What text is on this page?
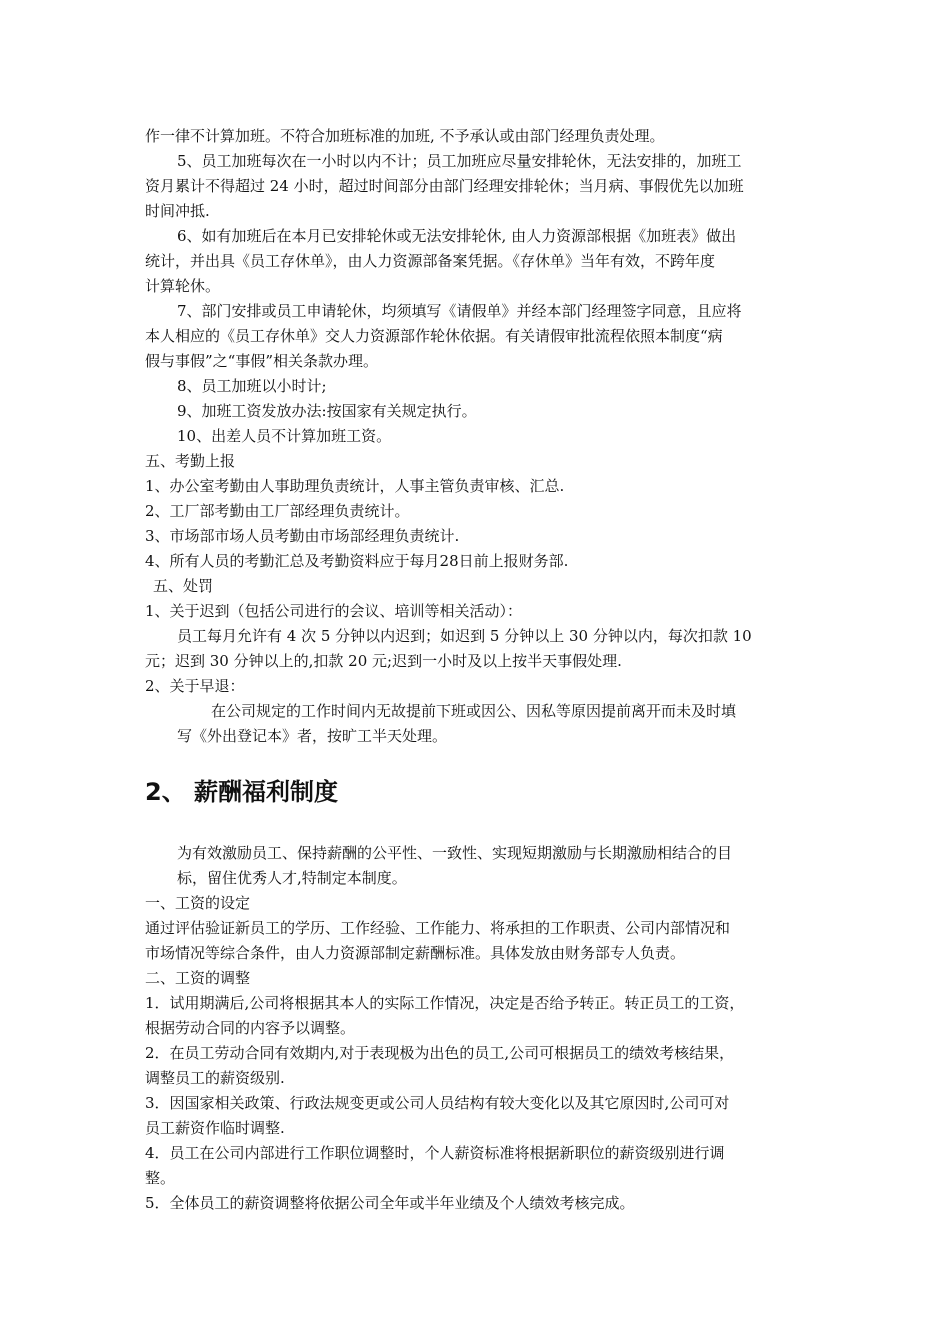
作一律不计算加班。不符合加班标准的加班, 不予承认或由部门经理负责处理。

5、员工加班每次在一小时以内不计；员工加班应尽量安排轮休，无法安排的，加班工

资月累计不得超过 24 小时，超过时间部分由部门经理安排轮休；当月病、事假优先以加班

时间冲抵.

6、如有加班后在本月已安排轮休或无法安排轮休, 由人力资源部根据《加班表》做出

统计，并出具《员工存休单》，由人力资源部备案凭据。《存休单》当年有效，不跨年度

计算轮休。

7、部门安排或员工申请轮休，均须填写《请假单》并经本部门经理签字同意，且应将

本人相应的《员工存休单》交人力资源部作轮休依据。有关请假审批流程依照本制度“病

假与事假”之“事假”相关条款办理。

8、员工加班以小时计;

9、加班工资发放办法:按国家有关规定执行。

10、出差人员不计算加班工资。

五、考勤上报

1、办公室考勤由人事助理负责统计，人事主管负责审核、汇总.

2、工厂部考勤由工厂部经理负责统计。

3、市场部市场人员考勤由市场部经理负责统计.

4、所有人员的考勤汇总及考勤资料应于每月28日前上报财务部.

五、处罚

1、关于迟到（包括公司进行的会议、培训等相关活动）：

员工每月允许有 4 次 5 分钟以内迟到；如迟到 5 分钟以上 30 分钟以内，每次扣款 10

元；迟到 30 分钟以上的,扣款 20 元;迟到一小时及以上按半天事假处理.

2、关于早退：

在公司规定的工作时间内无故提前下班或因公、因私等原因提前离开而未及时填

写《外出登记本》者，按旷工半天处理。

2、 薪酬福利制度

为有效激励员工、保持薪酬的公平性、一致性、实现短期激励与长期激励相结合的目

标，留住优秀人才,特制定本制度。

一、工资的设定

通过评估验证新员工的学历、工作经验、工作能力、将承担的工作职责、公司内部情况和

市场情况等综合条件，由人力资源部制定薪酬标准。具体发放由财务部专人负责。

二、工资的调整

1．试用期满后,公司将根据其本人的实际工作情况，决定是否给予转正。转正员工的工资，

根据劳动合同的内容予以调整。

2．在员工劳动合同有效期内,对于表现极为出色的员工,公司可根据员工的绩效考核结果，

调整员工的薪资级别.

3．因国家相关政策、行政法规变更或公司人员结构有较大变化以及其它原因时,公司可对

员工薪资作临时调整.

4．员工在公司内部进行工作职位调整时，个人薪资标准将根据新职位的薪资级别进行调

整。

5．全体员工的薪资调整将依据公司全年或半年业绩及个人绩效考核完成。
